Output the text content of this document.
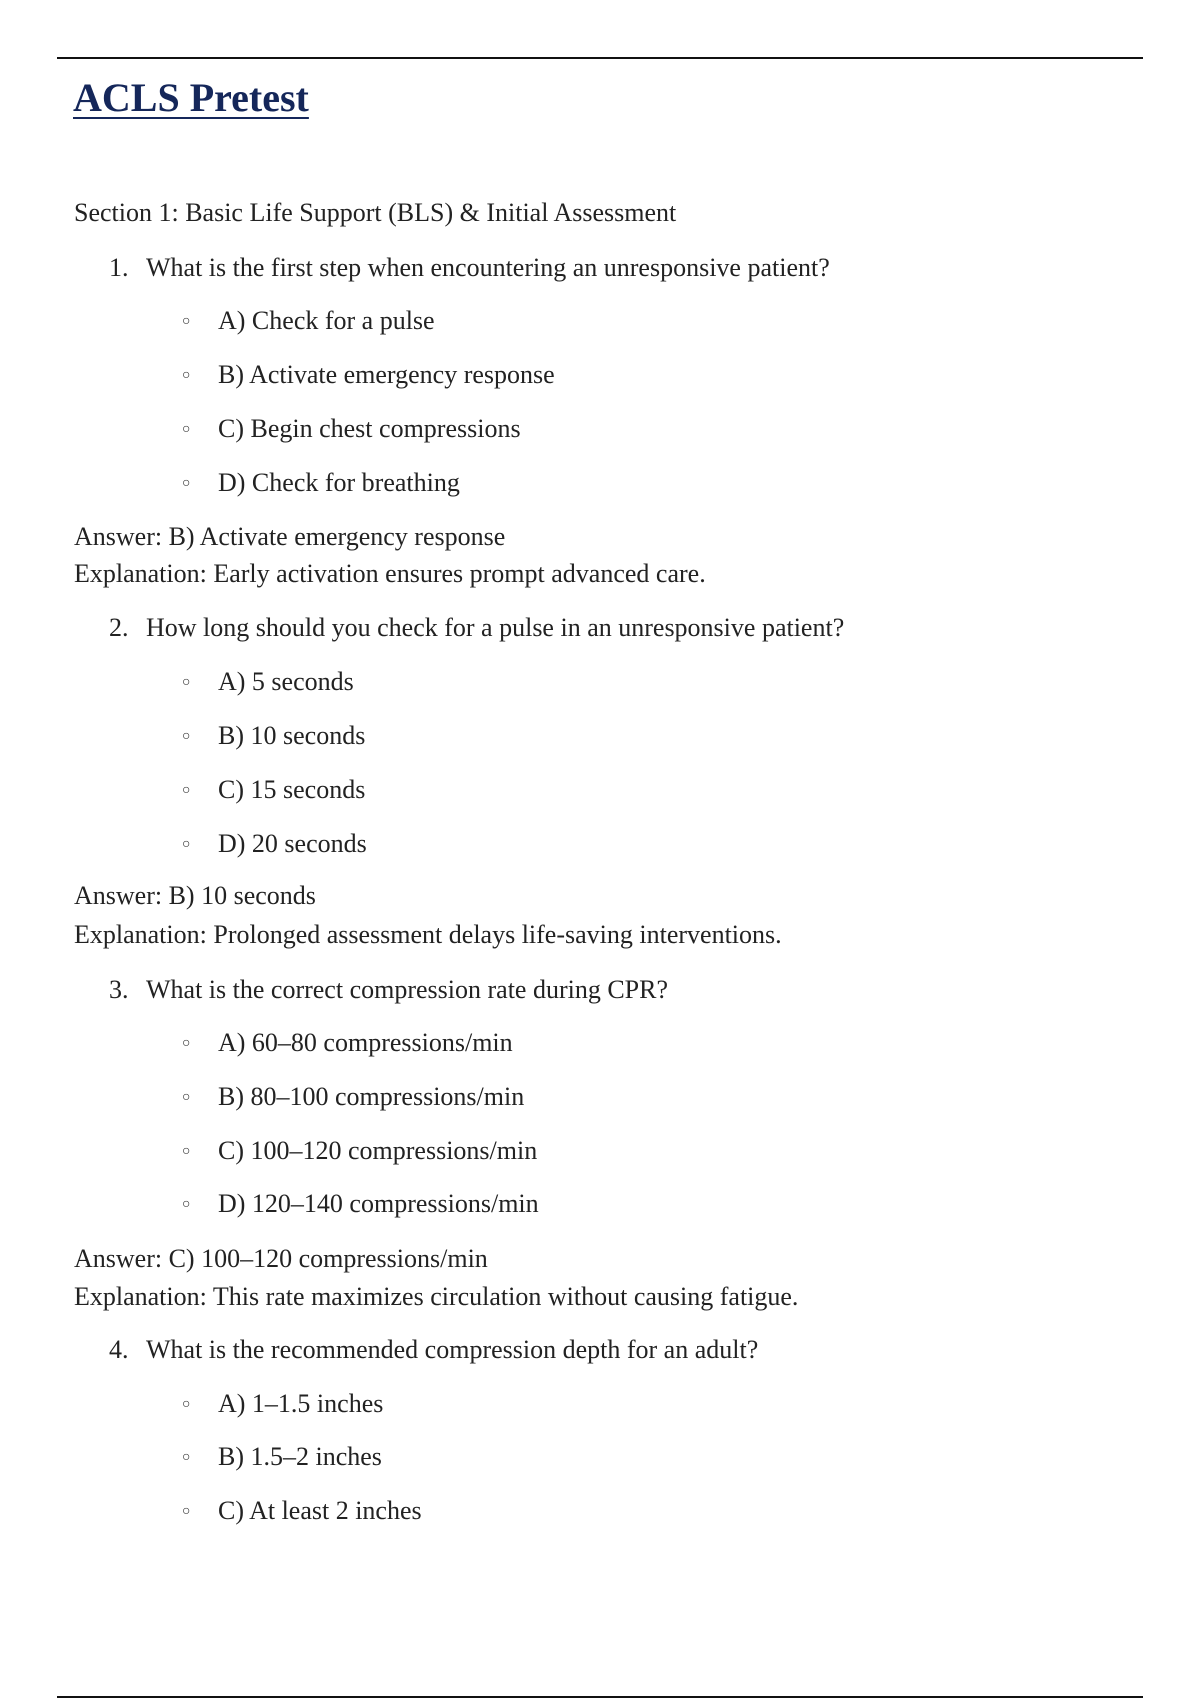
ACLS Pretest
Section 1: Basic Life Support (BLS) & Initial Assessment
1. What is the first step when encountering an unresponsive patient?
○ A) Check for a pulse
○ B) Activate emergency response
○ C) Begin chest compressions
○ D) Check for breathing
Answer: B) Activate emergency response
Explanation: Early activation ensures prompt advanced care.
2. How long should you check for a pulse in an unresponsive patient?
○ A) 5 seconds
○ B) 10 seconds
○ C) 15 seconds
○ D) 20 seconds
Answer: B) 10 seconds
Explanation: Prolonged assessment delays life-saving interventions.
3. What is the correct compression rate during CPR?
○ A) 60–80 compressions/min
○ B) 80–100 compressions/min
○ C) 100–120 compressions/min
○ D) 120–140 compressions/min
Answer: C) 100–120 compressions/min
Explanation: This rate maximizes circulation without causing fatigue.
4. What is the recommended compression depth for an adult?
○ A) 1–1.5 inches
○ B) 1.5–2 inches
○ C) At least 2 inches
